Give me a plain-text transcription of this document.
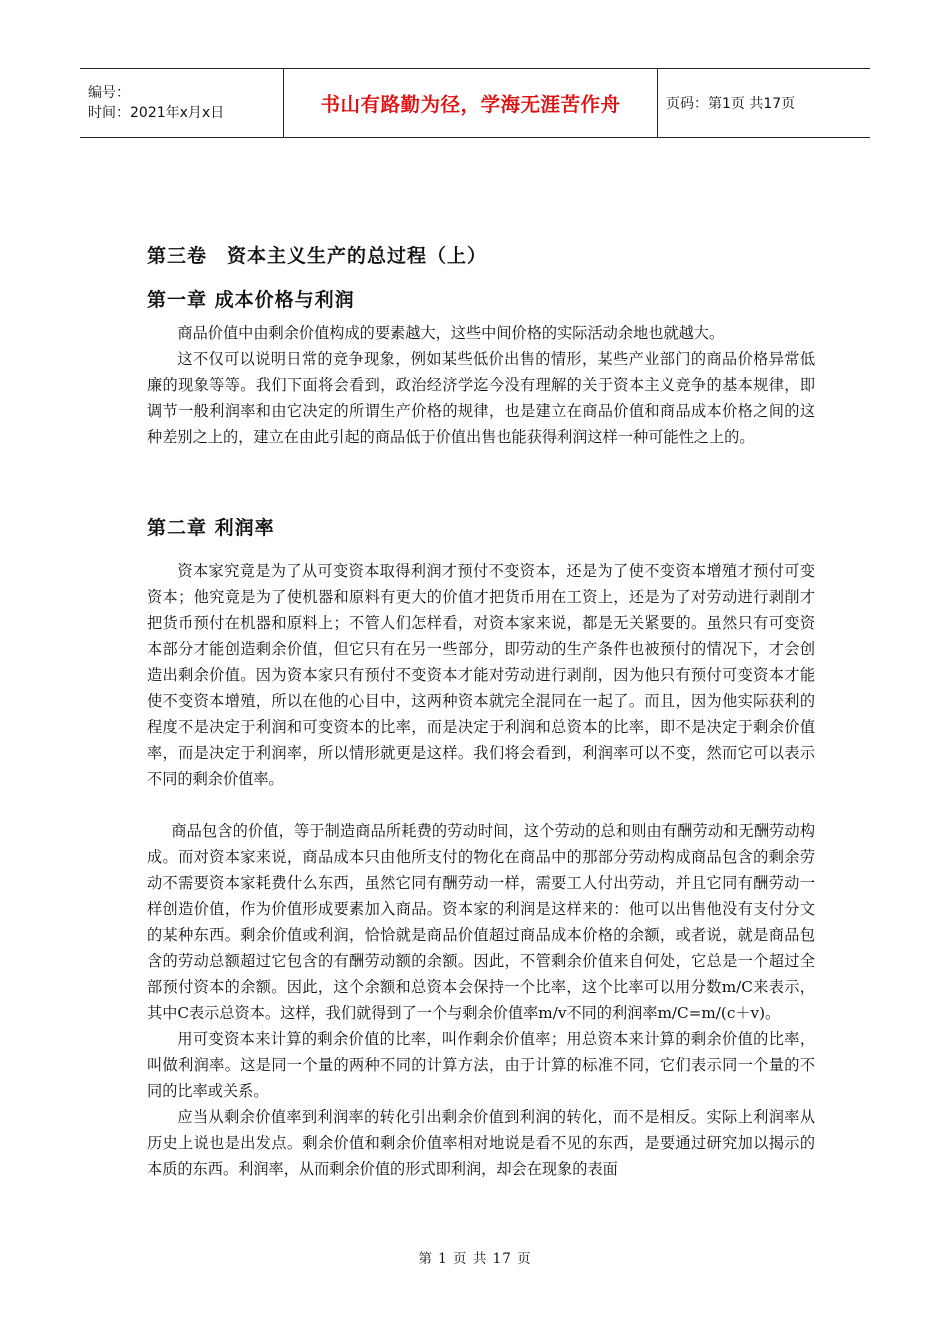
编号：
时间：2021年x月x日	书山有路勤为径，学海无涯苦作舟	页码：第1页 共17页
第三卷　资本主义生产的总过程（上）
第一章 成本价格与利润

商品价值中由剩余价值构成的要素越大，这些中间价格的实际活动余地也就越大。

这不仅可以说明日常的竞争现象，例如某些低价出售的情形，某些产业部门的商品价格异常低廉的现象等等。我们下面将会看到，政治经济学迄今没有理解的关于资本主义竞争的基本规律，即调节一般利润率和由它决定的所谓生产价格的规律，也是建立在商品价值和商品成本价格之间的这种差别之上的，建立在由此引起的商品低于价值出售也能获得利润这样一种可能性之上的。

第二章 利润率

资本家究竟是为了从可变资本取得利润才预付不变资本，还是为了使不变资本增殖才预付可变资本；他究竟是为了使机器和原料有更大的价值才把货币用在工资上，还是为了对劳动进行剥削才把货币预付在机器和原料上；不管人们怎样看，对资本家来说，都是无关紧要的。虽然只有可变资本部分才能创造剩余价值，但它只有在另一些部分，即劳动的生产条件也被预付的情况下，才会创造出剩余价值。因为资本家只有预付不变资本才能对劳动进行剥削，因为他只有预付可变资本才能使不变资本增殖，所以在他的心目中，这两种资本就完全混同在一起了。而且，因为他实际获利的程度不是决定于利润和可变资本的比率，而是决定于利润和总资本的比率，即不是决定于剩余价值率，而是决定于利润率，所以情形就更是这样。我们将会看到，利润率可以不变，然而它可以表示不同的剩余价值率。

商品包含的价值，等于制造商品所耗费的劳动时间，这个劳动的总和则由有酬劳动和无酬劳动构成。而对资本家来说，商品成本只由他所支付的物化在商品中的那部分劳动构成商品包含的剩余劳动不需要资本家耗费什么东西，虽然它同有酬劳动一样，需要工人付出劳动，并且它同有酬劳动一样创造价值，作为价值形成要素加入商品。资本家的利润是这样来的：他可以出售他没有支付分文的某种东西。剩余价值或利润，恰恰就是商品价值超过商品成本价格的余额，或者说，就是商品包含的劳动总额超过它包含的有酬劳动额的余额。因此，不管剩余价值来自何处，它总是一个超过全部预付资本的余额。因此，这个余额和总资本会保持一个比率，这个比率可以用分数m/C来表示，其中C表示总资本。这样，我们就得到了一个与剩余价值率m/v不同的利润率m/C=m/(c＋v)。

用可变资本来计算的剩余价值的比率，叫作剩余价值率；用总资本来计算的剩余价值的比率，叫做利润率。这是同一个量的两种不同的计算方法，由于计算的标准不同，它们表示同一个量的不同的比率或关系。

应当从剩余价值率到利润率的转化引出剩余价值到利润的转化，而不是相反。实际上利润率从历史上说也是出发点。剩余价值和剩余价值率相对地说是看不见的东西，是要通过研究加以揭示的本质的东西。利润率，从而剩余价值的形式即利润，却会在现象的表面

第 1 页 共 17 页
